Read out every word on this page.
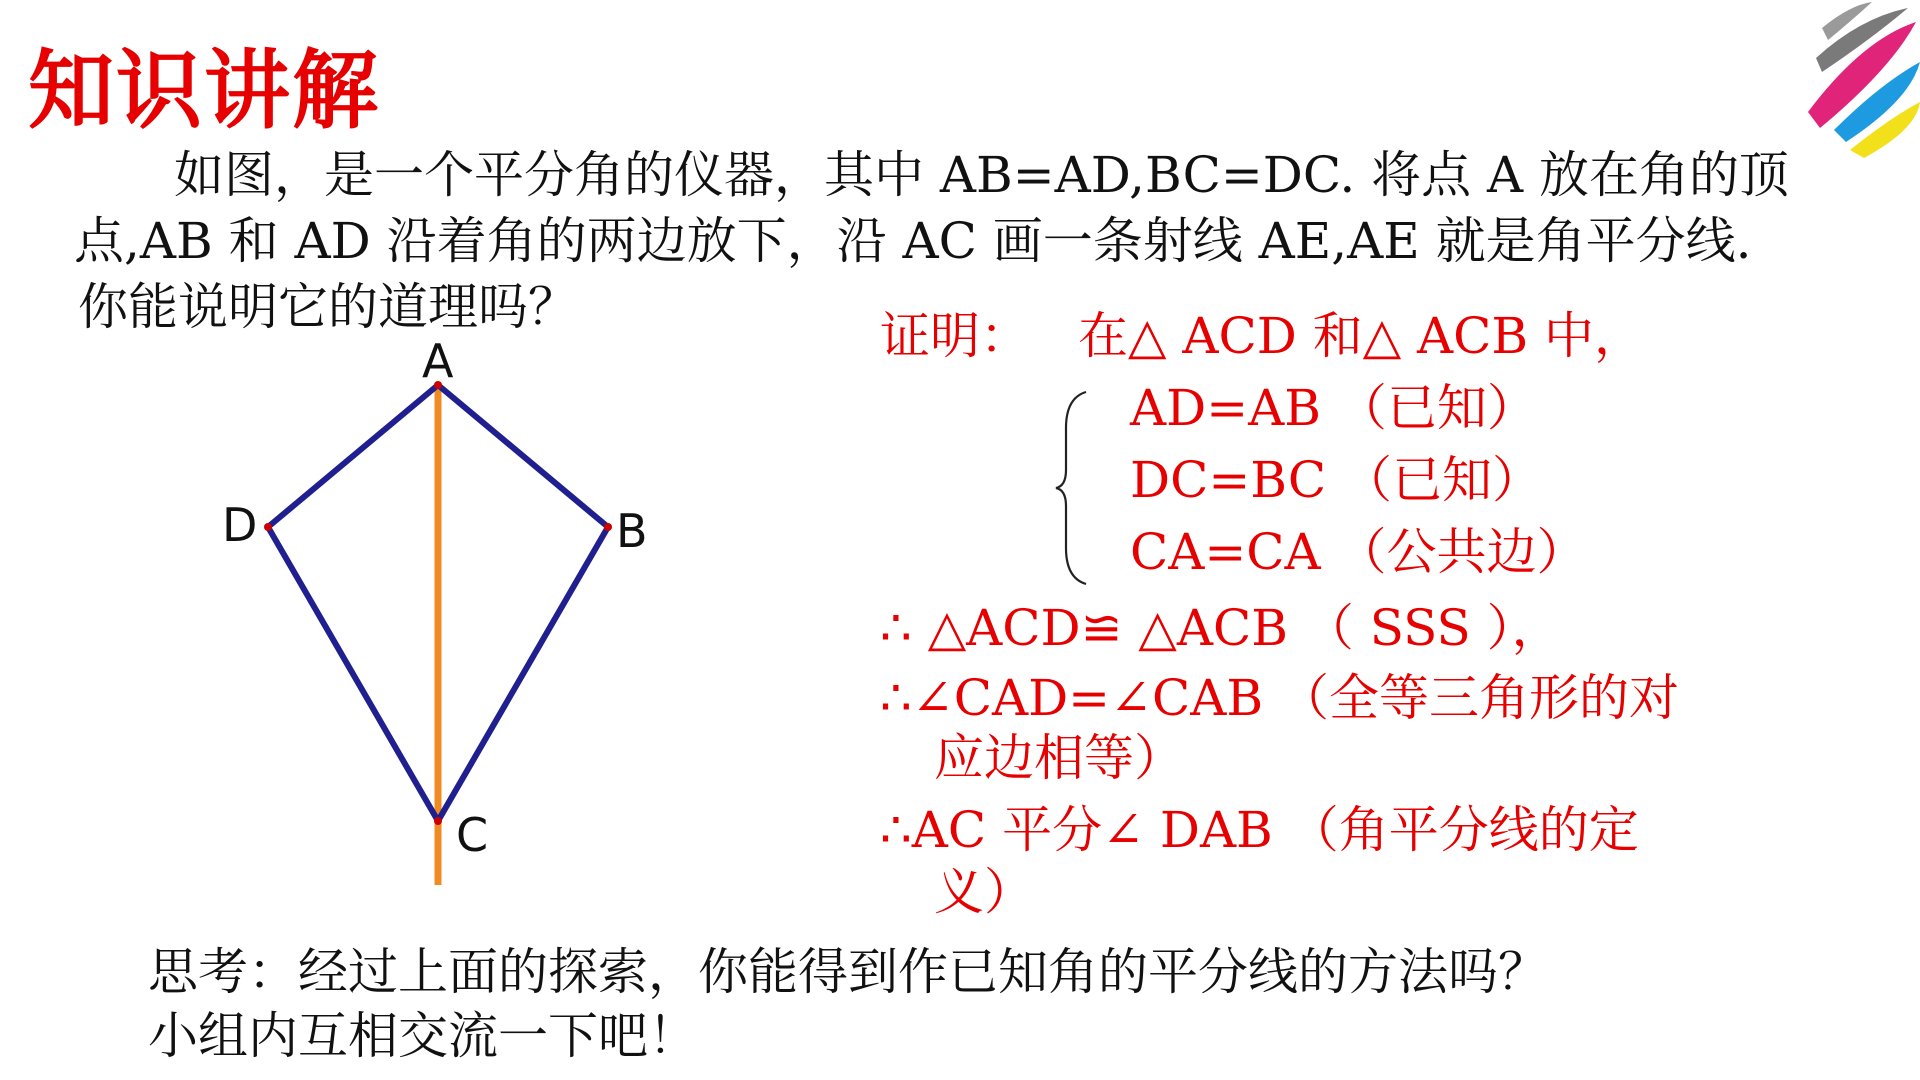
知识讲解
如图，是一个平分角的仪器，其中 AB=AD,BC=DC. 将点 A 放在角的顶
点,AB 和 AD 沿着角的两边放下，沿 AC 画一条射线 AE,AE 就是角平分线.
你能说明它的道理吗？
A
D	B
C
证明： 在△ ACD 和△ ACB 中，
AD=AB （已知）
DC=BC （已知）
CA=CA （公共边）
∴ △ACD≌ △ACB （ SSS ），
∴∠CAD=∠CAB （全等三角形的对
应边相等）
∴AC 平分∠ DAB （角平分线的定
义）
思考：经过上面的探索，你能得到作已知角的平分线的方法吗？
小组内互相交流一下吧！
